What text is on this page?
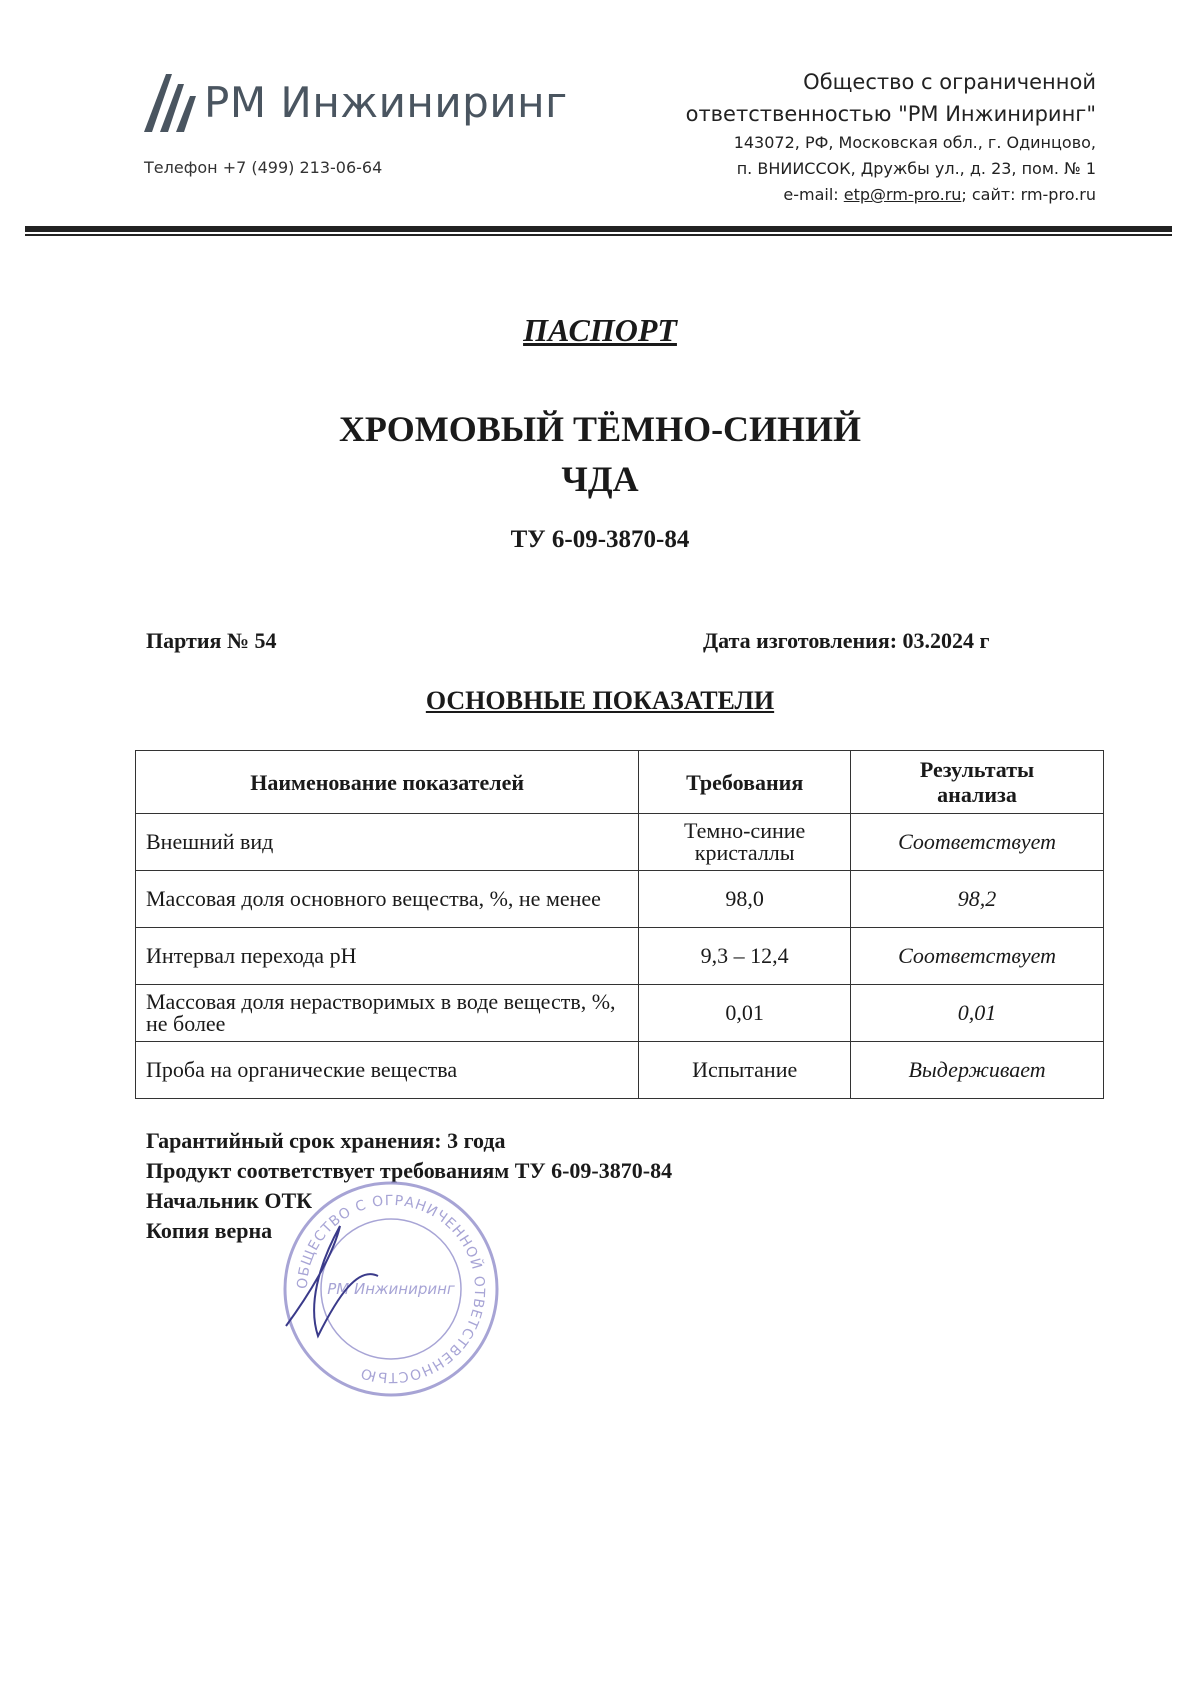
РМ Инжиниринг
Телефон +7 (499) 213-06-64
Общество с ограниченной
ответственностью "РМ Инжиниринг"
143072, РФ, Московская обл., г. Одинцово,
п. ВНИИССОК, Дружбы ул., д. 23, пом. № 1
e-mail: etp@rm-pro.ru; сайт: rm-pro.ru
ПАСПОРТ
ХРОМОВЫЙ ТЁМНО-СИНИЙ
ЧДА
ТУ 6-09-3870-84
Партия № 54	Дата изготовления: 03.2024 г
ОСНОВНЫЕ ПОКАЗАТЕЛИ
Наименование показателей	Требования	Результаты анализа
Внешний вид	Темно-синие кристаллы	Соответствует
Массовая доля основного вещества, %, не менее	98,0	98,2
Интервал перехода pH	9,3 – 12,4	Соответствует
Массовая доля нерастворимых в воде веществ, %, не более	0,01	0,01
Проба на органические вещества	Испытание	Выдерживает
Гарантийный срок хранения: 3 года
Продукт соответствует требованиям ТУ 6-09-3870-84
Начальник ОТК
Копия верна
ОБЩЕСТВО С ОГРАНИЧЕННОЙ ОТВЕТСТВЕННОСТЬЮ
РМ Инжиниринг
